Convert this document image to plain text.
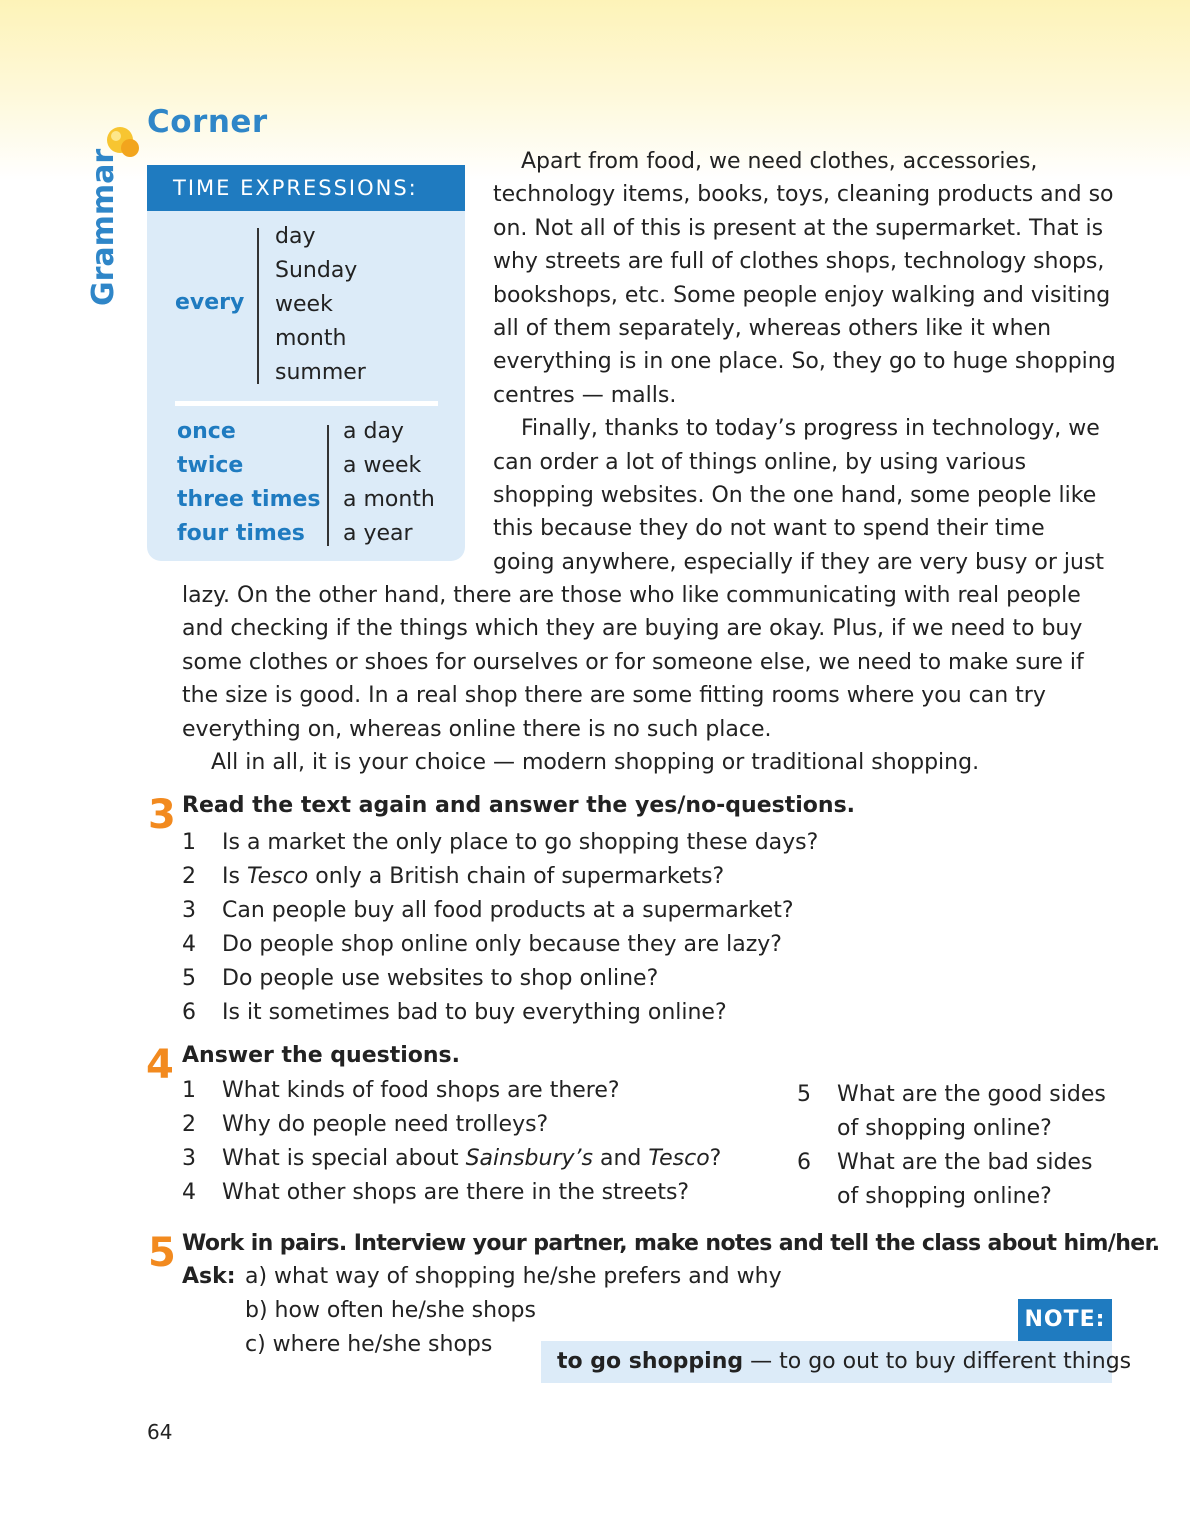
Corner
Grammar	TIME EXPRESSIONS:
every
day
Sunday
week
month
summer
once
twice
three times
four times
a day
a week
a month
a year

Apart from food, we need clothes, accessories,

technology items, books, toys, cleaning products and so

on. Not all of this is present at the supermarket. That is

why streets are full of clothes shops, technology shops,

bookshops, etc. Some people enjoy walking and visiting

all of them separately, whereas others like it when

everything is in one place. So, they go to huge shopping

centres — malls.

Finally, thanks to today’s progress in technology, we

can order a lot of things online, by using various

shopping websites. On the one hand, some people like

this because they do not want to spend their time

going anywhere, especially if they are very busy or just

lazy. On the other hand, there are those who like communicating with real people

and checking if the things which they are buying are okay. Plus, if we need to buy

some clothes or shoes for ourselves or for someone else, we need to make sure if

the size is good. In a real shop there are some fitting rooms where you can try

everything on, whereas online there is no such place.

All in all, it is your choice — modern shopping or traditional shopping.

3 Read the text again and answer the yes/no-questions.
1 Is a market the only place to go shopping these days?
2 Is Tesco only a British chain of supermarkets?
3 Can people buy all food products at a supermarket?
4 Do people shop online only because they are lazy?
5 Do people use websites to shop online?
6 Is it sometimes bad to buy everything online?
4 Answer the questions.
1 What kinds of food shops are there?
2 Why do people need trolleys?
3 What is special about Sainsbury’s and Tesco?
4 What other shops are there in the streets?
5 What are the good sides
of shopping online?
6 What are the bad sides
of shopping online?
5 Work in pairs. Interview your partner, make notes and tell the class about him/her.
Ask: a) what way of shopping he/she prefers and why
b) how often he/she shops
c) where he/she shops
NOTE:
to go shopping — to go out to buy different things
64
